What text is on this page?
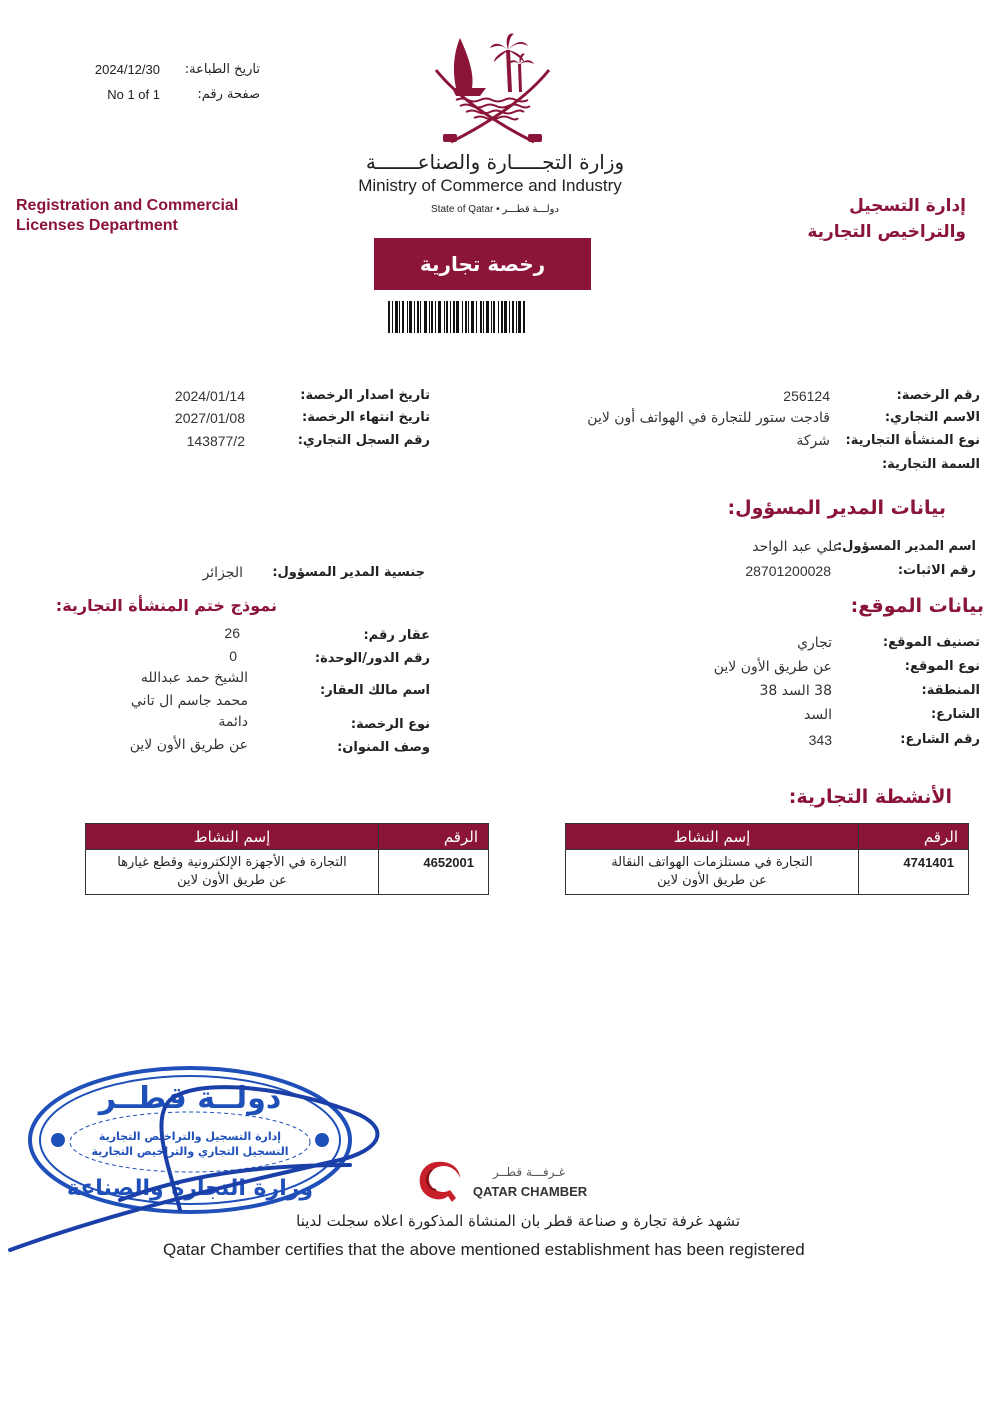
تاريخ الطباعة:
2024/12/30
صفحة رقم:
No 1 of 1
Registration and Commercial
Licenses Department
إدارة التسجيل
والتراخيص التجارية
وزارة التجـــــارة والصناعـــــــة
Ministry of Commerce and Industry
State of Qatar • دولـــة قطـــر
رخصة تجارية
رقم الرخصة:
256124
الاسم التجاري:
قادجت ستور للتجارة في الهواتف أون لاين
نوع المنشأة التجارية:
شركة
السمة التجارية:
تاريخ اصدار الرخصة:
2024/01/14
تاريخ انتهاء الرخصة:
2027/01/08
رقم السجل التجاري:
143877/2
بيانات المدير المسؤول:
اسم المدير المسؤول:
علي عبد الواحد
رقم الاثبات:
28701200028
جنسية المدير المسؤول:
الجزائر
نموذج ختم المنشأة التجارية:	بيانات الموقع:
تصنيف الموقع:
تجاري
نوع الموقع:
عن طريق الأون لاين
المنطقة:
38 السد 38
الشارع:
السد
رقم الشارع:
343
عقار رقم:
26
رقم الدور/الوحدة:
0
اسم مالك العقار:
الشيخ حمد عبدالله
محمد جاسم ال تاني
نوع الرخصة:
دائمة
وصف المنوان:
عن طريق الأون لاين
الأنشطة التجارية:
الرقم	إسم النشاط
4741401	التجارة في مستلزمات الهواتف النقالة
عن طريق الأون لاين
الرقم	إسم النشاط
4652001	التجارة في الأجهزة الإلكترونية وقطع غيارها
عن طريق الأون لاين
دولــة قطــر
إدارة التسجيل والتراخيص التجارية
التسجيل التجاري والتراخيص التجارية
وزارة التجارة والصناعة
غـرفـــة قطــر
QATAR CHAMBER
تشهد غرفة تجارة و صناعة قطر بان المنشاة المذكورة اعلاه سجلت لدينا
Qatar Chamber certifies that the above mentioned establishment has been registered
